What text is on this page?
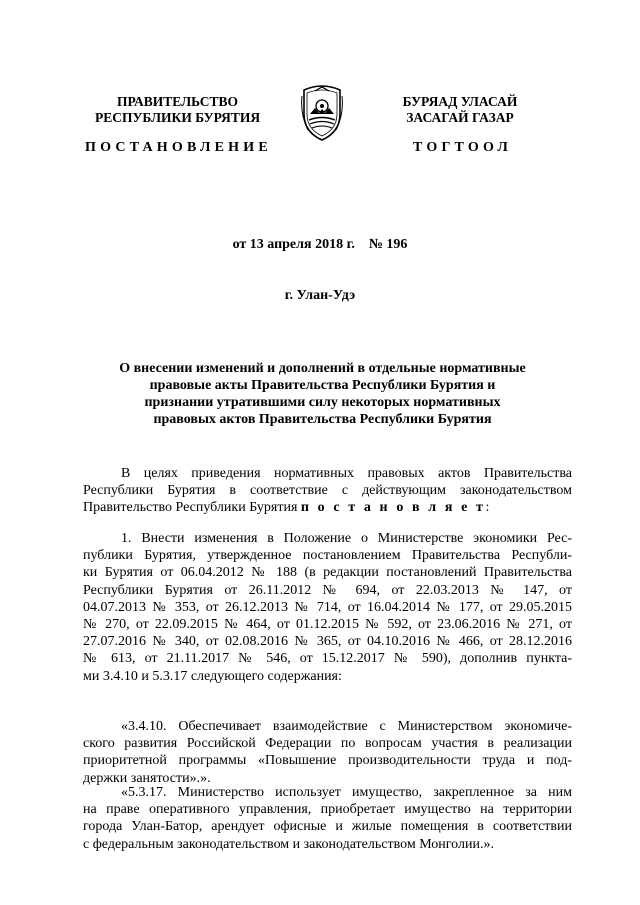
ПРАВИТЕЛЬСТВО
РЕСПУБЛИКИ БУРЯТИЯ
БУРЯАД УЛАСАЙ
ЗАСАГАЙ ГАЗАР
ПОСТАНОВЛЕНИЕ	ТОГТООЛ
от 13 апреля 2018 г.    № 196
г. Улан-Удэ
О внесении изменений и дополнений в отдельные нормативные
правовые акты Правительства Республики Бурятия и
признании утратившими силу некоторых нормативных
правовых актов Правительства Республики Бурятия
В целях приведения нормативных правовых актов Правительства
Республики Бурятия в соответствие с действующим законодательством
Правительство Республики Бурятия п о с т а н о в л я е т:
1. Внести изменения в Положение о Министерстве экономики Рес-
публики Бурятия, утвержденное постановлением Правительства Республи-
ки Бурятия от 06.04.2012 № 188 (в редакции постановлений Правительства
Республики Бурятия от 26.11.2012 № 694, от 22.03.2013 № 147, от
04.07.2013 № 353, от 26.12.2013 № 714, от 16.04.2014 № 177, от 29.05.2015
№ 270, от 22.09.2015 № 464, от 01.12.2015 № 592, от 23.06.2016 № 271, от
27.07.2016 № 340, от 02.08.2016 № 365, от 04.10.2016 № 466, от 28.12.2016
№ 613, от 21.11.2017 № 546, от 15.12.2017 № 590), дополнив пункта-
ми 3.4.10 и 5.3.17 следующего содержания:
«3.4.10. Обеспечивает взаимодействие с Министерством экономиче-
ского развития Российской Федерации по вопросам участия в реализации
приоритетной программы «Повышение производительности труда и под-
держки занятости».».
«5.3.17. Министерство использует имущество, закрепленное за ним
на праве оперативного управления, приобретает имущество на территории
города Улан-Батор, арендует офисные и жилые помещения в соответствии
с федеральным законодательством и законодательством Монголии.».
